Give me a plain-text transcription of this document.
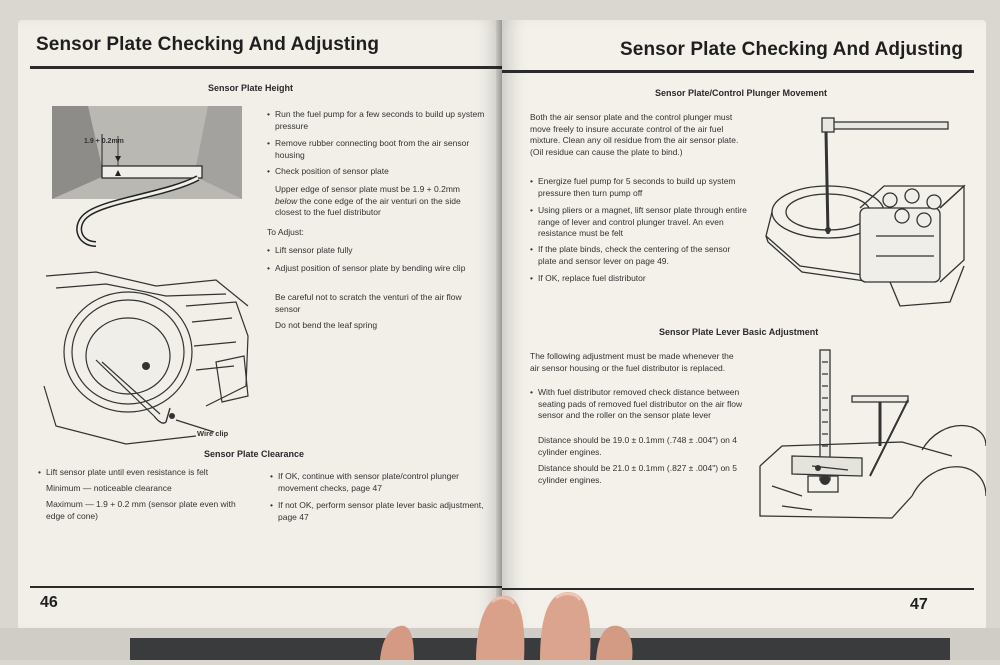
Sensor Plate Checking And Adjusting
Sensor Plate Height
1.9 + 0.2mm
• Run the fuel pump for a few seconds to build up system pressure
• Remove rubber connecting boot from the air sensor housing
• Check position of sensor plate
Upper edge of sensor plate must be 1.9 + 0.2mm below the cone edge of the air venturi on the side closest to the fuel distributor
To Adjust:
• Lift sensor plate fully
• Adjust position of sensor plate by bending wire clip
Be careful not to scratch the venturi of the air flow sensor
Do not bend the leaf spring
Wire clip
Sensor Plate Clearance
• Lift sensor plate until even resistance is felt
Minimum — noticeable clearance
Maximum — 1.9 + 0.2 mm (sensor plate even with edge of cone)
• If OK, continue with sensor plate/control plunger movement checks, page 47
• If not OK, perform sensor plate lever basic adjustment, page 47
46
Sensor Plate Checking And Adjusting
Sensor Plate/Control Plunger Movement
Both the air sensor plate and the control plunger must move freely to insure accurate control of the air fuel mixture. Clean any oil residue from the air sensor plate. (Oil residue can cause the plate to bind.)
• Energize fuel pump for 5 seconds to build up system pressure then turn pump off
• Using pliers or a magnet, lift sensor plate through entire range of lever and control plunger travel. An even resistance must be felt
• If the plate binds, check the centering of the sensor plate and sensor lever on page 49.
• If OK, replace fuel distributor
Sensor Plate Lever Basic Adjustment
The following adjustment must be made whenever the air sensor housing or the fuel distributor is replaced.
• With fuel distributor removed check distance between seating pads of removed fuel distributor on the air flow sensor and the roller on the sensor plate lever
Distance should be 19.0 ± 0.1mm (.748 ± .004") on 4 cylinder engines.
Distance should be 21.0 ± 0.1mm (.827 ± .004") on 5 cylinder engines.
47
